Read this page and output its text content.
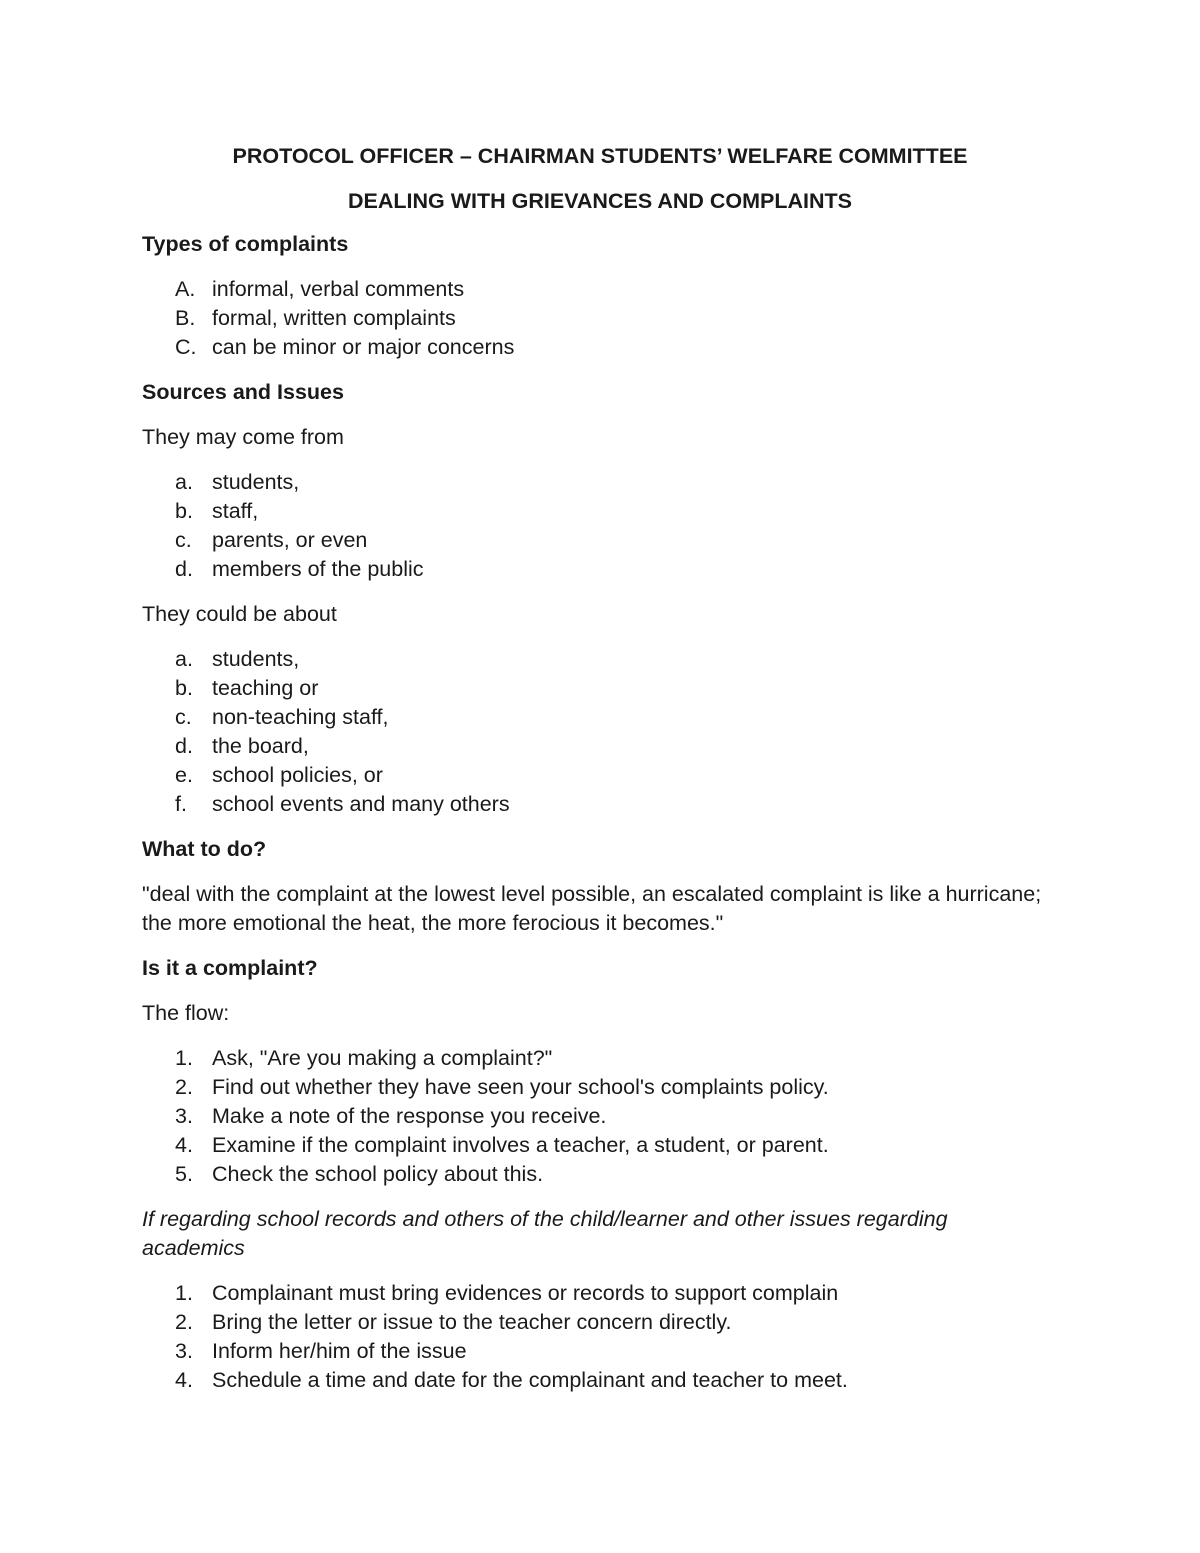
PROTOCOL OFFICER – CHAIRMAN STUDENTS’ WELFARE COMMITTEE

DEALING WITH GRIEVANCES AND COMPLAINTS

Types of complaints

A. informal, verbal comments
B. formal, written complaints
C. can be minor or major concerns

Sources and Issues

They may come from

a. students,
b. staff,
c. parents, or even
d. members of the public

They could be about

a. students,
b. teaching or
c. non-teaching staff,
d. the board,
e. school policies, or
f.	school events and many others

What to do?

"deal with the complaint at the lowest level possible, an escalated complaint is like a hurricane; the more emotional the heat, the more ferocious it becomes."

Is it a complaint?

The flow:

1. Ask, "Are you making a complaint?"
2. Find out whether they have seen your school's complaints policy.
3. Make a note of the response you receive.
4. Examine if the complaint involves a teacher, a student, or parent.
5. Check the school policy about this.

If regarding school records and others of the child/learner and other issues regarding academics

1. Complainant must bring evidences or records to support complain
2. Bring the letter or issue to the teacher concern directly.
3. Inform her/him of the issue
4. Schedule a time and date for the complainant and teacher to meet.
